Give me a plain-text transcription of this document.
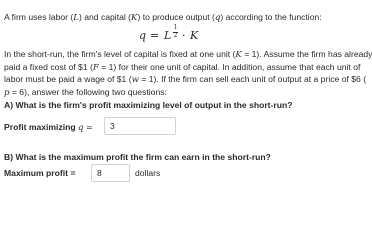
A firm uses labor (L) and capital (K) to produce output (q) according to the function:
q = L
1
2 · K
In the short-run, the firm's level of capital is fixed at one unit (K = 1). Assume the firm has already
paid a fixed cost of $1 (F = 1) for their one unit of capital. In addition, assume that each unit of
labor must be paid a wage of $1 (w = 1). If the firm can sell each unit of output at a price of $6 (
p = 6), answer the following two questions:
A) What is the firm's profit maximizing level of output in the short-run?
Profit maximizing q =	3
B) What is the maximum profit the firm can earn in the short-run?
Maximum profit =	8	dollars
